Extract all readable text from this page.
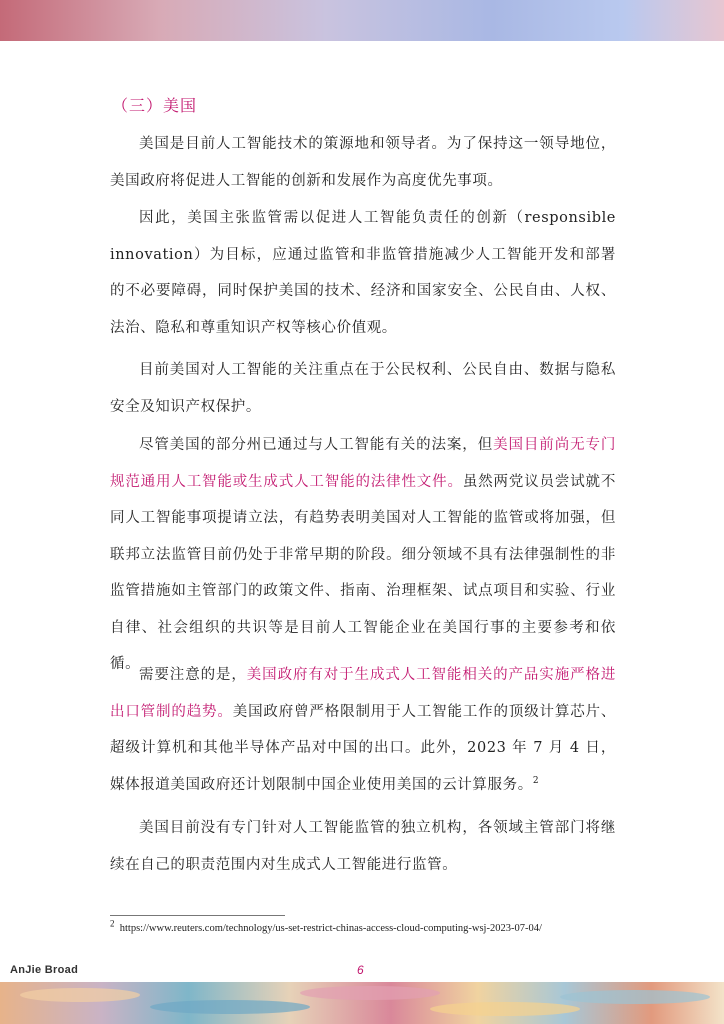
（三）美国

美国是目前人工智能技术的策源地和领导者。为了保持这一领导地位，美国政府将促进人工智能的创新和发展作为高度优先事项。

因此，美国主张监管需以促进人工智能负责任的创新（responsible innovation）为目标，应通过监管和非监管措施减少人工智能开发和部署的不必要障碍，同时保护美国的技术、经济和国家安全、公民自由、人权、法治、隐私和尊重知识产权等核心价值观。

目前美国对人工智能的关注重点在于公民权利、公民自由、数据与隐私安全及知识产权保护。

尽管美国的部分州已通过与人工智能有关的法案，但美国目前尚无专门规范通用人工智能或生成式人工智能的法律性文件。虽然两党议员尝试就不同人工智能事项提请立法，有趋势表明美国对人工智能的监管或将加强，但联邦立法监管目前仍处于非常早期的阶段。细分领域不具有法律强制性的非监管措施如主管部门的政策文件、指南、治理框架、试点项目和实验、行业自律、社会组织的共识等是目前人工智能企业在美国行事的主要参考和依循。

需要注意的是，美国政府有对于生成式人工智能相关的产品实施严格进出口管制的趋势。美国政府曾严格限制用于人工智能工作的顶级计算芯片、超级计算机和其他半导体产品对中国的出口。此外，2023 年 7 月 4 日，媒体报道美国政府还计划限制中国企业使用美国的云计算服务。$^2$

美国目前没有专门针对人工智能监管的独立机构，各领域主管部门将继续在自己的职责范围内对生成式人工智能进行监管。

$^2$ https://www.reuters.com/technology/us-set-restrict-chinas-access-cloud-computing-wsj-2023-07-04/
AnJie Broad	6
